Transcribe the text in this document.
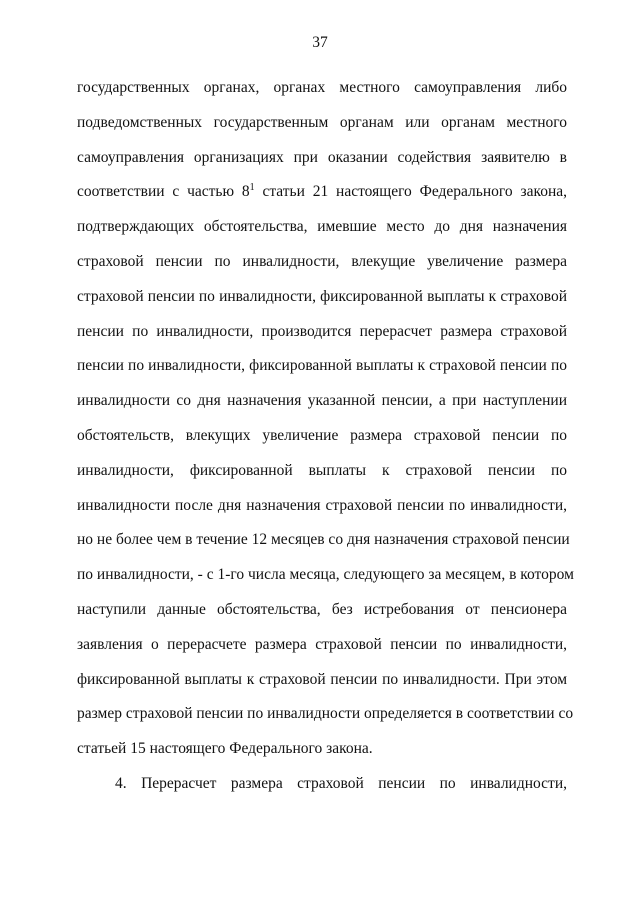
37
государственных органах, органах местного самоуправления либо
подведомственных государственным органам или органам местного
самоуправления организациях при оказании содействия заявителю в
соответствии с частью $8^1$ статьи 21 настоящего Федерального закона,
подтверждающих обстоятельства, имевшие место до дня назначения
страховой пенсии по инвалидности, влекущие увеличение размера
страховой пенсии по инвалидности, фиксированной выплаты к страховой
пенсии по инвалидности, производится перерасчет размера страховой
пенсии по инвалидности, фиксированной выплаты к страховой пенсии по
инвалидности со дня назначения указанной пенсии, а при наступлении
обстоятельств, влекущих увеличение размера страховой пенсии по
инвалидности, фиксированной выплаты к страховой пенсии по
инвалидности после дня назначения страховой пенсии по инвалидности,
но не более чем в течение 12 месяцев со дня назначения страховой пенсии
по инвалидности, - с 1-го числа месяца, следующего за месяцем, в котором
наступили данные обстоятельства, без истребования от пенсионера
заявления о перерасчете размера страховой пенсии по инвалидности,
фиксированной выплаты к страховой пенсии по инвалидности. При этом
размер страховой пенсии по инвалидности определяется в соответствии со
статьей 15 настоящего Федерального закона.
4. Перерасчет размера страховой пенсии по инвалидности,
